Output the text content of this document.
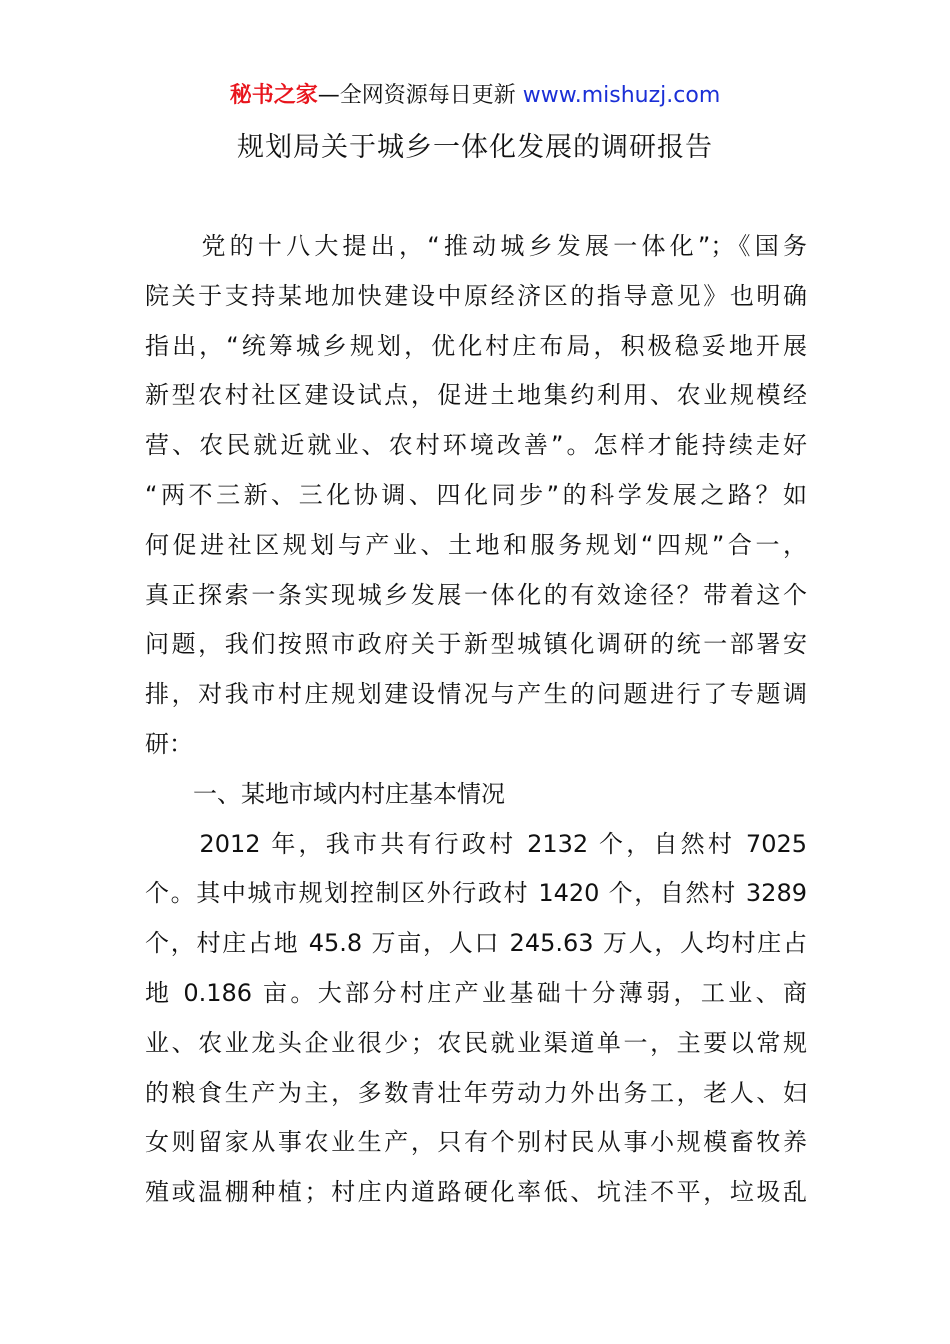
秘书之家—全网资源每日更新 www.mishuzj.com
规划局关于城乡一体化发展的调研报告

　　党的十八大提出，“推动城乡发展一体化”；《国务
院关于支持某地加快建设中原经济区的指导意见》也明确
指出，“统筹城乡规划，优化村庄布局，积极稳妥地开展
新型农村社区建设试点，促进土地集约利用、农业规模经
营、农民就近就业、农村环境改善”。怎样才能持续走好
“两不三新、三化协调、四化同步”的科学发展之路？如
何促进社区规划与产业、土地和服务规划“四规”合一，
真正探索一条实现城乡发展一体化的有效途径？带着这个
问题，我们按照市政府关于新型城镇化调研的统一部署安
排，对我市村庄规划建设情况与产生的问题进行了专题调
研：

　　一、某地市域内村庄基本情况

　　2012 年，我市共有行政村 2132 个，自然村 7025
个。其中城市规划控制区外行政村 1420 个，自然村 3289
个，村庄占地 45.8 万亩，人口 245.63 万人，人均村庄占
地 0.186 亩。大部分村庄产业基础十分薄弱，工业、商
业、农业龙头企业很少；农民就业渠道单一，主要以常规
的粮食生产为主，多数青壮年劳动力外出务工，老人、妇
女则留家从事农业生产，只有个别村民从事小规模畜牧养
殖或温棚种植；村庄内道路硬化率低、坑洼不平，垃圾乱
